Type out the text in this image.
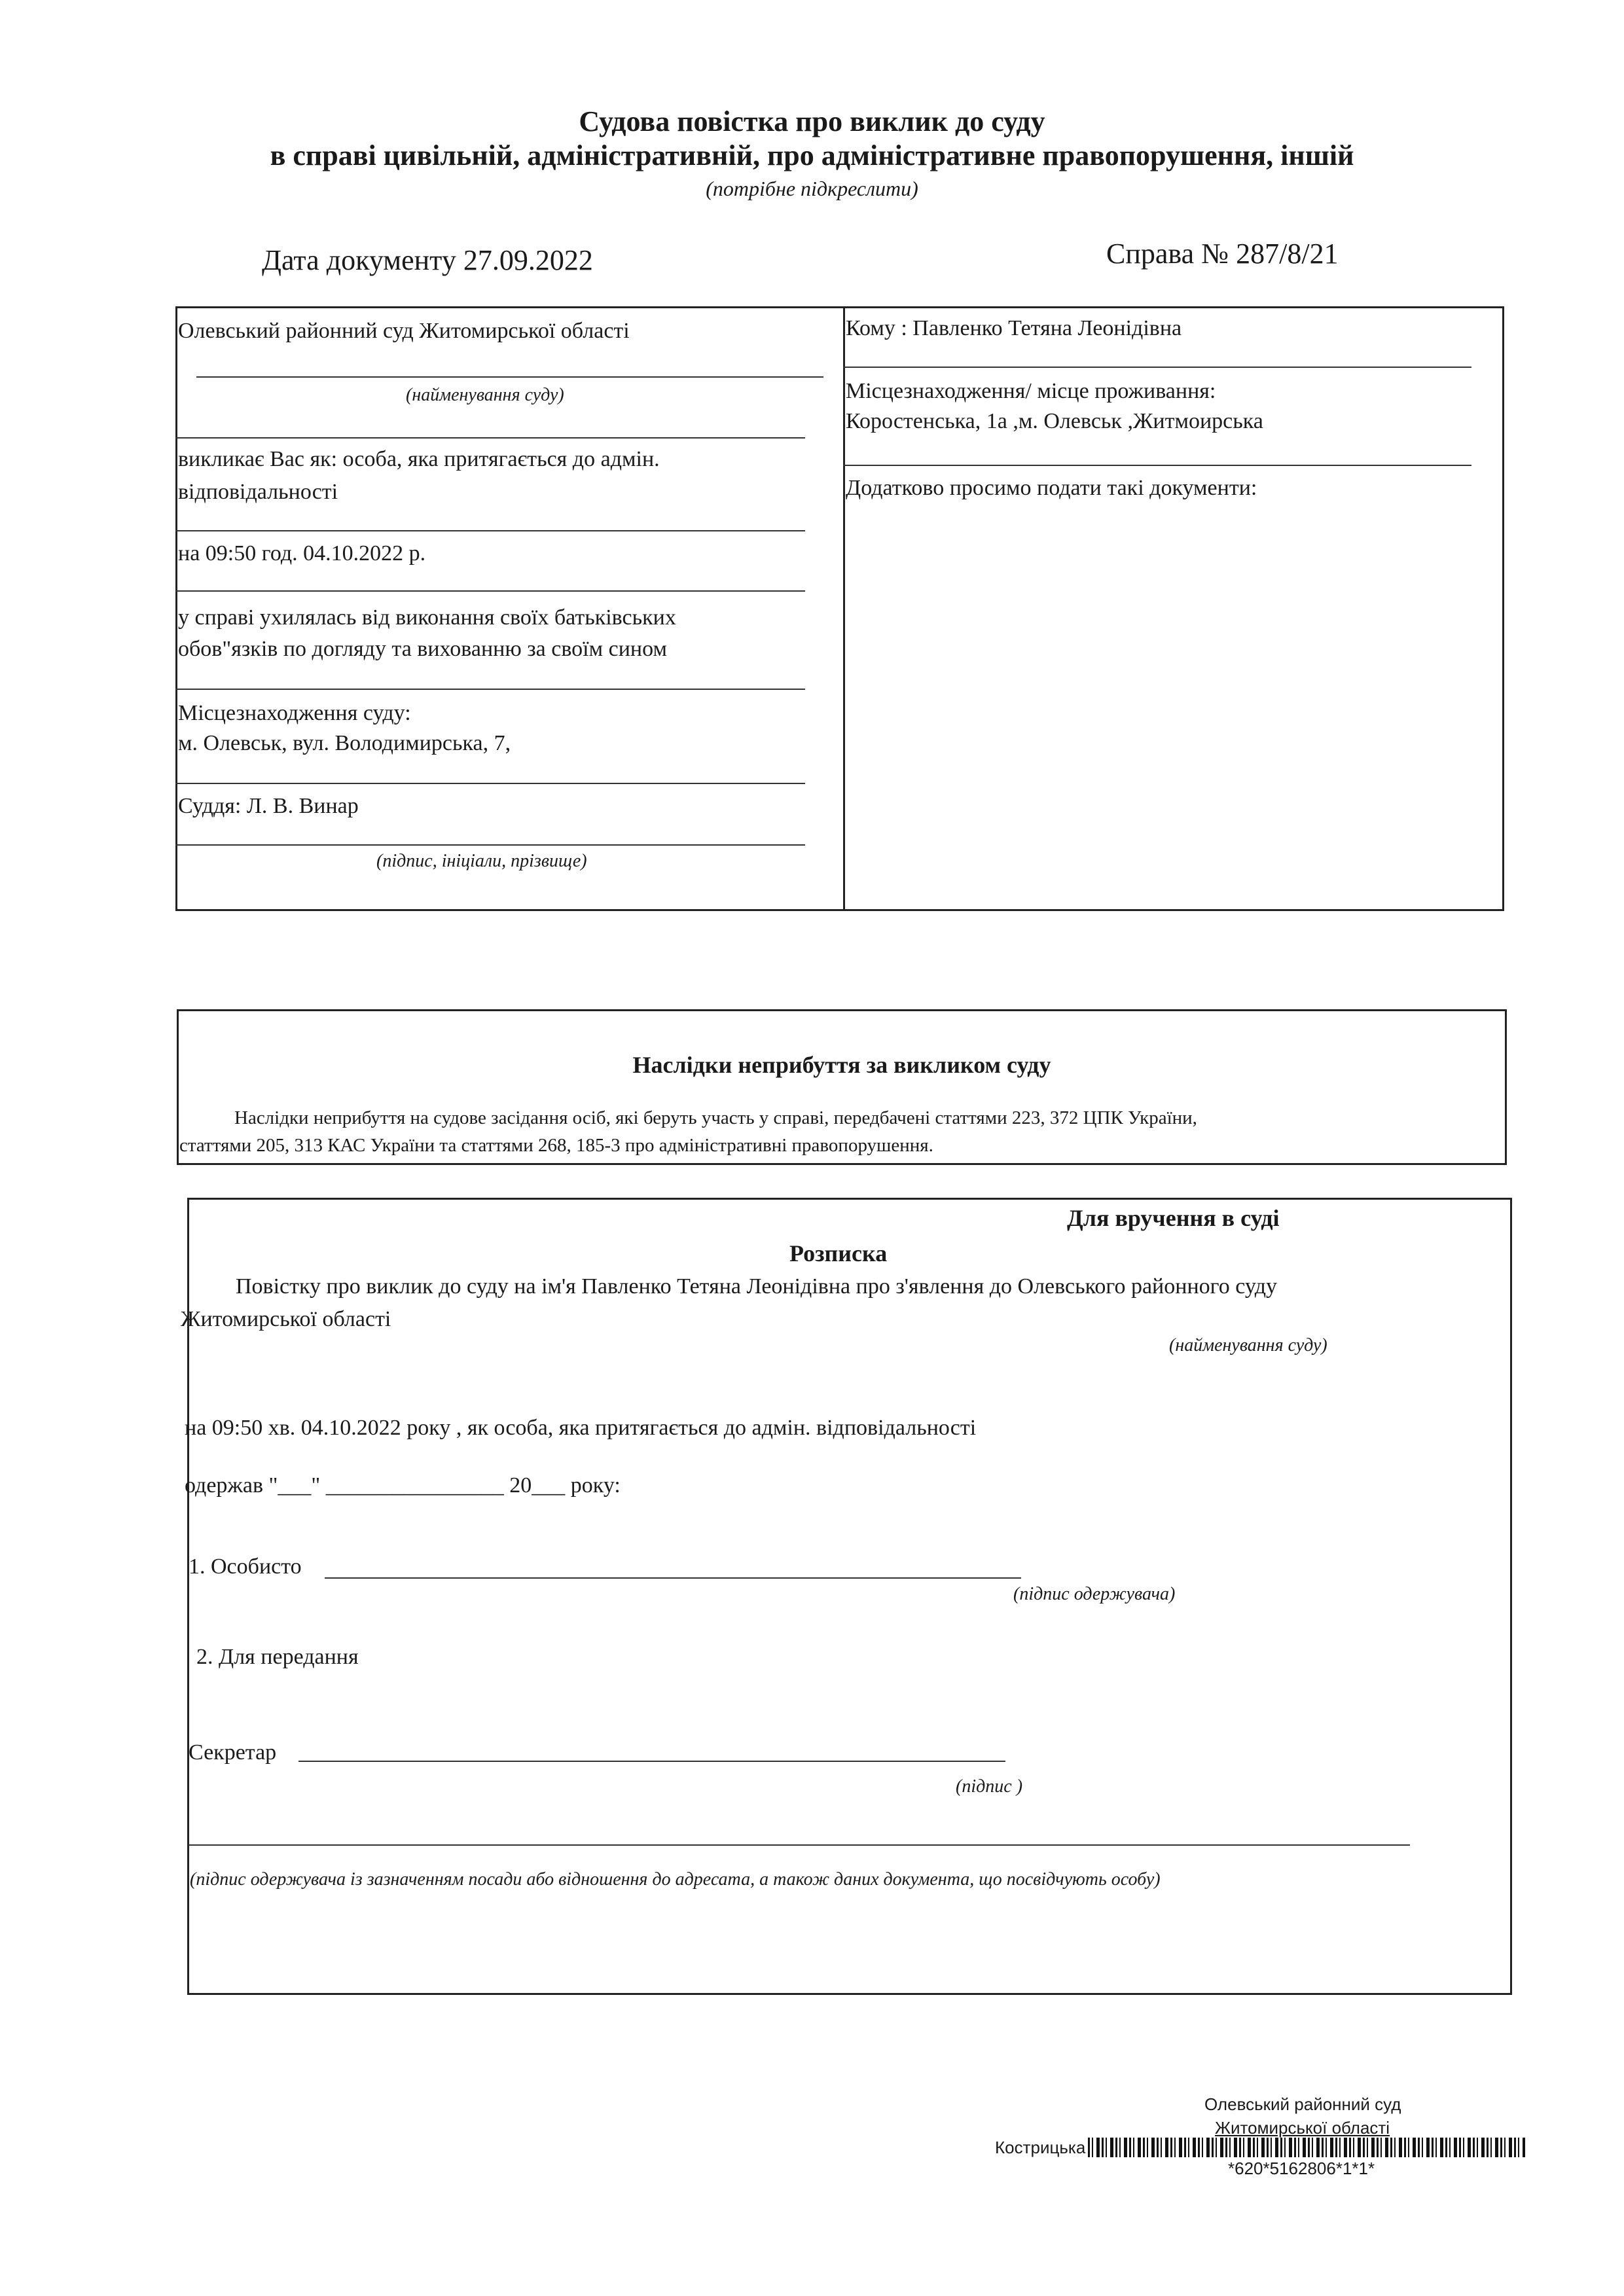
Судова повістка про виклик до суду
в справі цивільній, адміністративній, про адміністративне правопорушення, іншій
(потрібне підкреслити)
Дата документу 27.09.2022	Справа № 287/8/21
Олевський районний суд Житомирської області
(найменування суду)
викликає Вас як: особа, яка притягається до адмін.
відповідальності
на 09:50 год. 04.10.2022 р.
у справі ухилялась від виконання своїх батьківських
обов"язків по догляду та вихованню за своїм сином
Місцезнаходження суду:
м. Олевськ, вул. Володимирська, 7,
Суддя: Л. В. Винар
(підпис, ініціали, прізвище)
Кому : Павленко Тетяна Леонідівна
Місцезнаходження/ місце проживання:
Коростенська, 1а ,м. Олевськ ,Житмоирська
Додатково просимо подати такі документи:
Наслідки неприбуття за викликом суду
Наслідки неприбуття на судове засідання осіб, які беруть участь у справі, передбачені статтями 223, 372 ЦПК України,
статтями 205, 313 КАС України та статтями 268, 185-3 про адміністративні правопорушення.
Для вручення в суді
Розписка
Повістку про виклик до суду на ім'я Павленко Тетяна Леонідівна про з'явлення до Олевського районного суду
Житомирської області
(найменування суду)
на 09:50 хв. 04.10.2022 року , як особа, яка притягається до адмін. відповідальності
одержав "___" ________________ 20___ року:
1. Особисто
(підпис одержувача)
2. Для передання
Секретар
(підпис )
(підпис одержувача із зазначенням посади або відношення до адресата, а також даних документа, що посвідчують особу)
Олевський районний суд
Житомирської області
Кострицька
*620*5162806*1*1*
